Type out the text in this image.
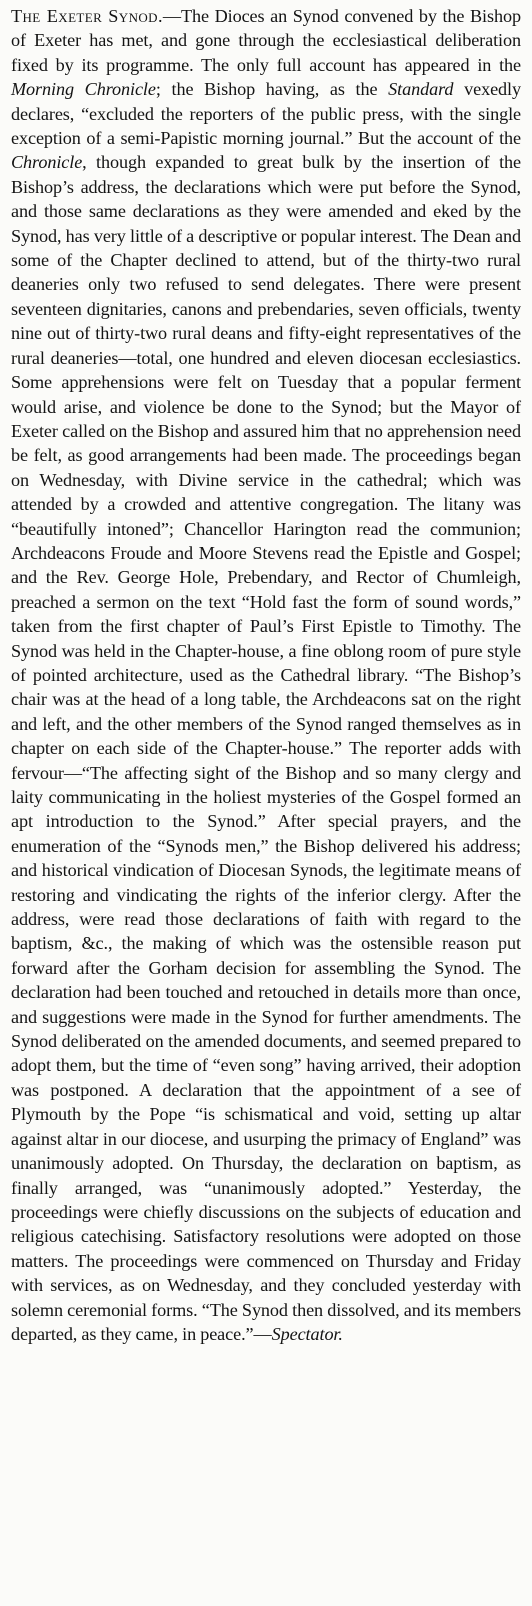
The Exeter Synod.—The Dioces an Synod convened by the Bishop of Exeter has met, and gone through the ecclesiastical deliberation fixed by its programme. The only full account has appeared in the Morning Chronicle; the Bishop having, as the Standard vexedly declares, “excluded the reporters of the public press, with the single exception of a semi-Papistic morning journal.” But the account of the Chronicle, though expanded to great bulk by the insertion of the Bishop’s address, the declarations which were put before the Synod, and those same declarations as they were amended and eked by the Synod, has very little of a descriptive or popular interest. The Dean and some of the Chapter declined to attend, but of the thirty-two rural deaneries only two refused to send delegates. There were present seventeen dignitaries, canons and prebendaries, seven officials, twenty nine out of thirty-two rural deans and fifty-eight representatives of the rural deaneries—total, one hundred and eleven diocesan ecclesiastics. Some apprehensions were felt on Tuesday that a popular ferment would arise, and violence be done to the Synod; but the Mayor of Exeter called on the Bishop and assured him that no apprehension need be felt, as good arrangements had been made. The proceedings began on Wednesday, with Divine service in the cathedral; which was attended by a crowded and attentive congregation. The litany was “beautifully intoned”; Chancellor Harington read the communion; Archdeacons Froude and Moore Stevens read the Epistle and Gospel; and the Rev. George Hole, Prebendary, and Rector of Chumleigh, preached a sermon on the text “Hold fast the form of sound words,” taken from the first chapter of Paul’s First Epistle to Timothy. The Synod was held in the Chapter-house, a fine oblong room of pure style of pointed architecture, used as the Cathedral library. “The Bishop’s chair was at the head of a long table, the Archdeacons sat on the right and left, and the other members of the Synod ranged themselves as in chapter on each side of the Chapter-house.” The reporter adds with fervour—“The affecting sight of the Bishop and so many clergy and laity communicating in the holiest mysteries of the Gospel formed an apt introduction to the Synod.” After special prayers, and the enumeration of the “Synods men,” the Bishop delivered his address; and historical vindication of Diocesan Synods, the legitimate means of restoring and vindicating the rights of the inferior clergy. After the address, were read those declarations of faith with regard to the baptism, &c., the making of which was the ostensible reason put forward after the Gorham decision for assembling the Synod. The declaration had been touched and retouched in details more than once, and suggestions were made in the Synod for further amendments. The Synod deliberated on the amended documents, and seemed prepared to adopt them, but the time of “even song” having arrived, their adoption was postponed. A declaration that the appointment of a see of Plymouth by the Pope “is schismatical and void, setting up altar against altar in our diocese, and usurping the primacy of England” was unanimously adopted. On Thursday, the declaration on baptism, as finally arranged, was “unanimously adopted.” Yesterday, the proceedings were chiefly discussions on the subjects of education and religious catechising. Satisfactory resolutions were adopted on those matters. The proceedings were commenced on Thursday and Friday with services, as on Wednesday, and they concluded yesterday with solemn ceremonial forms. “The Synod then dissolved, and its members departed, as they came, in peace.”—Spectator.
